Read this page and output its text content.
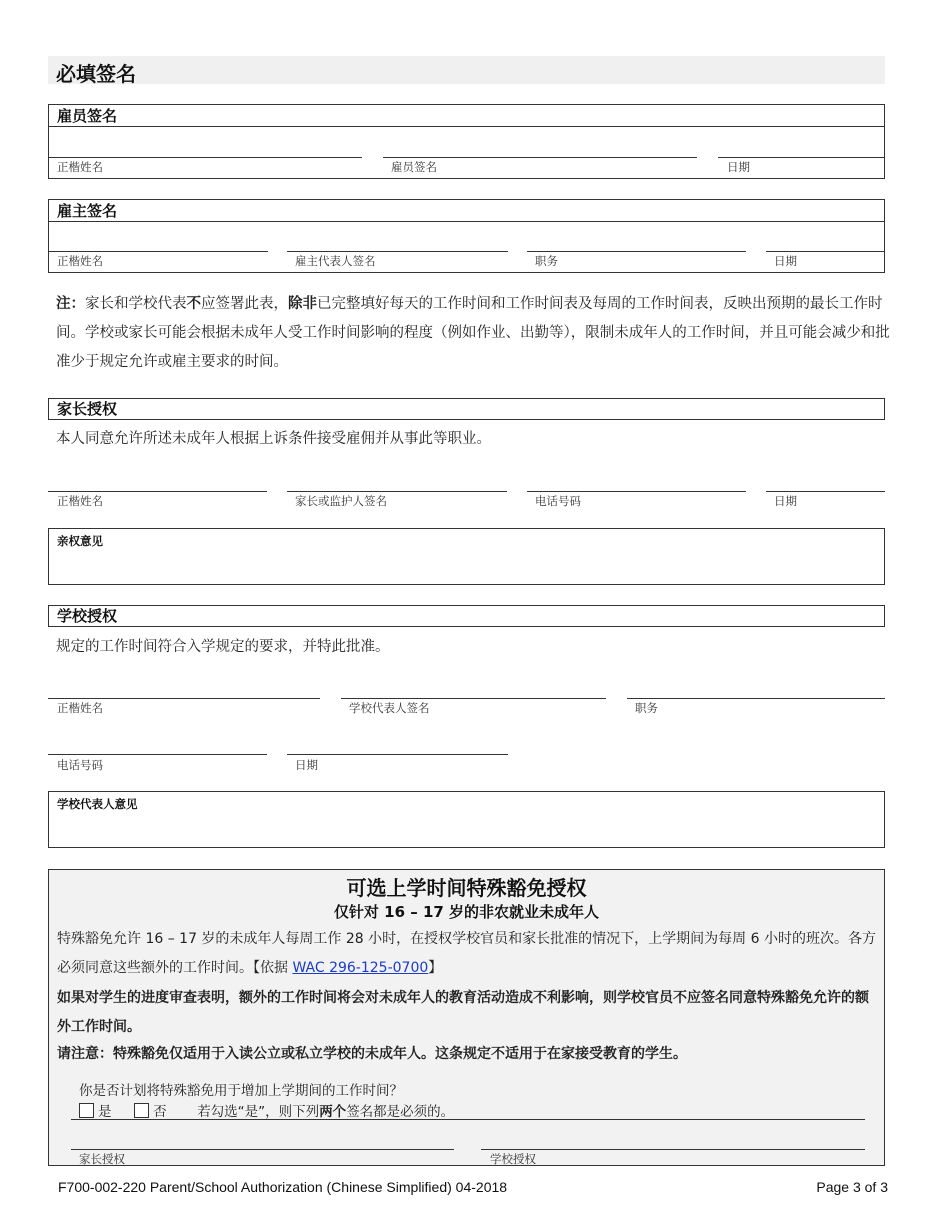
必填签名
雇员签名
正楷姓名	雇员签名	日期
雇主签名
正楷姓名	雇主代表人签名	职务	日期
注：家长和学校代表不应签署此表，除非已完整填好每天的工作时间和工作时间表及每周的工作时间表，反映出预期的最长工作时间。学校或家长可能会根据未成年人受工作时间影响的程度（例如作业、出勤等），限制未成年人的工作时间，并且可能会减少和批准少于规定允许或雇主要求的时间。
家长授权
本人同意允许所述未成年人根据上诉条件接受雇佣并从事此等职业。
正楷姓名	家长或监护人签名	电话号码	日期
亲权意见
学校授权
规定的工作时间符合入学规定的要求，并特此批准。
正楷姓名	学校代表人签名	职务
电话号码	日期
学校代表人意见
可选上学时间特殊豁免授权
仅针对 16 – 17 岁的非农就业未成年人
特殊豁免允许 16 – 17 岁的未成年人每周工作 28 小时，在授权学校官员和家长批准的情况下，上学期间为每周 6 小时的班次。各方必须同意这些额外的工作时间。【依据 WAC 296-125-0700】
如果对学生的进度审查表明，额外的工作时间将会对未成年人的教育活动造成不利影响，则学校官员不应签名同意特殊豁免允许的额外工作时间。
请注意：特殊豁免仅适用于入读公立或私立学校的未成年人。这条规定不适用于在家接受教育的学生。
你是否计划将特殊豁免用于增加上学期间的工作时间？
是	否 若勾选“是”，则下列两个签名都是必须的。
家长授权	学校授权
F700-002-220 Parent/School Authorization (Chinese Simplified) 04-2018	Page 3 of 3
